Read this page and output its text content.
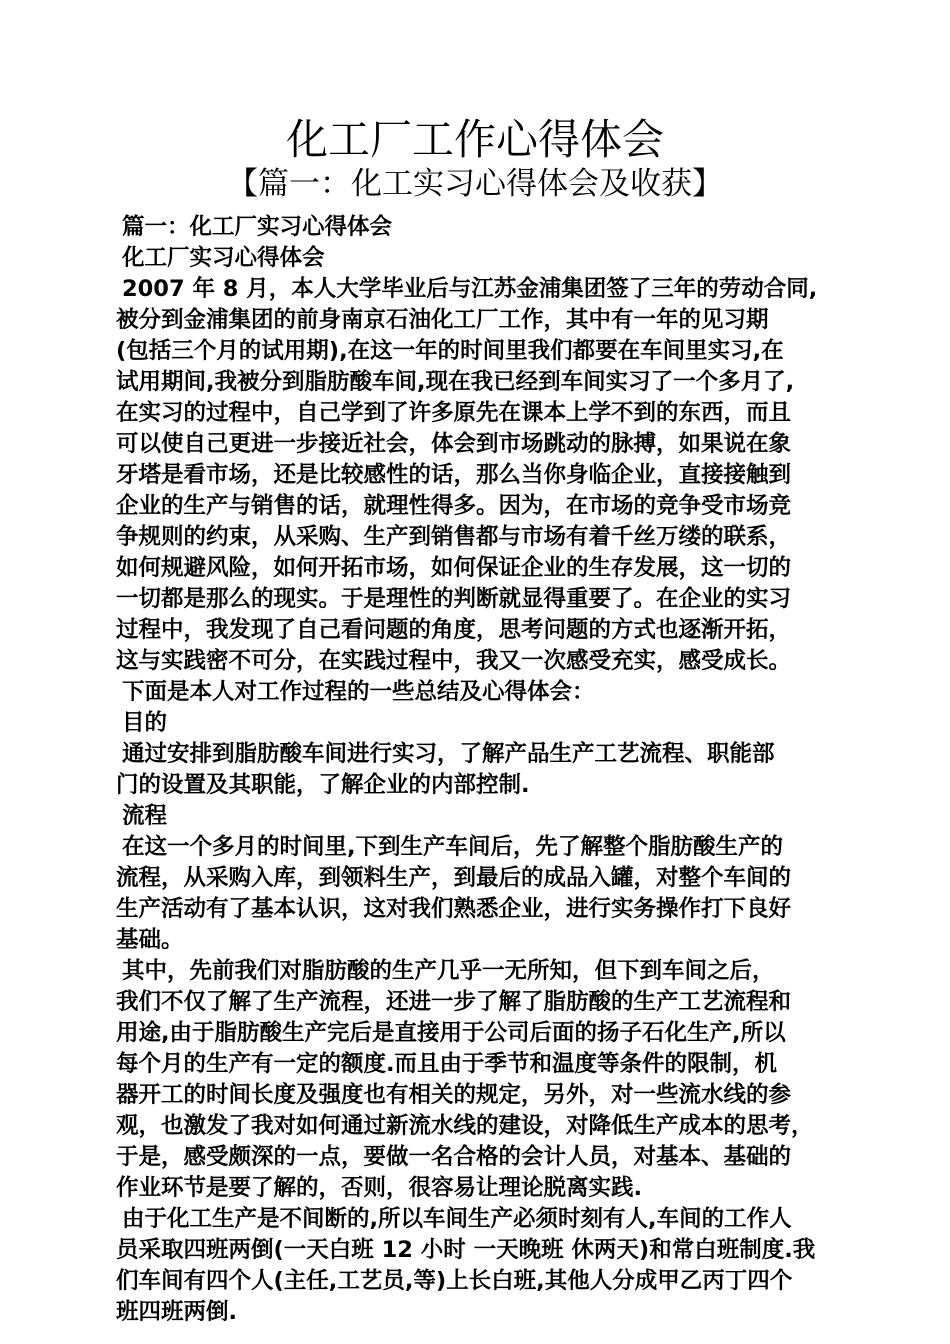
化工厂工作心得体会
【篇一：化工实习心得体会及收获】
篇一：化工厂实习心得体会
化工厂实习心得体会
2007 年 8 月，本人大学毕业后与江苏金浦集团签了三年的劳动合同,
被分到金浦集团的前身南京石油化工厂工作，其中有一年的见习期
(包括三个月的试用期),在这一年的时间里我们都要在车间里实习,在
试用期间,我被分到脂肪酸车间,现在我已经到车间实习了一个多月了,
在实习的过程中，自己学到了许多原先在课本上学不到的东西，而且
可以使自己更进一步接近社会，体会到市场跳动的脉搏，如果说在象
牙塔是看市场，还是比较感性的话，那么当你身临企业，直接接触到
企业的生产与销售的话，就理性得多。因为，在市场的竞争受市场竞
争规则的约束，从采购、生产到销售都与市场有着千丝万缕的联系，
如何规避风险，如何开拓市场，如何保证企业的生存发展，这一切的
一切都是那么的现实。于是理性的判断就显得重要了。在企业的实习
过程中，我发现了自己看问题的角度，思考问题的方式也逐渐开拓，
这与实践密不可分，在实践过程中，我又一次感受充实，感受成长。
下面是本人对工作过程的一些总结及心得体会：
目的
通过安排到脂肪酸车间进行实习，了解产品生产工艺流程、职能部
门的设置及其职能，了解企业的内部控制.
流程
在这一个多月的时间里,下到生产车间后，先了解整个脂肪酸生产的
流程，从采购入库，到领料生产，到最后的成品入罐，对整个车间的
生产活动有了基本认识，这对我们熟悉企业，进行实务操作打下良好
基础。
其中，先前我们对脂肪酸的生产几乎一无所知，但下到车间之后，
我们不仅了解了生产流程，还进一步了解了脂肪酸的生产工艺流程和
用途,由于脂肪酸生产完后是直接用于公司后面的扬子石化生产,所以
每个月的生产有一定的额度.而且由于季节和温度等条件的限制，机
器开工的时间长度及强度也有相关的规定，另外，对一些流水线的参
观，也激发了我对如何通过新流水线的建设，对降低生产成本的思考，
于是，感受颇深的一点，要做一名合格的会计人员，对基本、基础的
作业环节是要了解的，否则，很容易让理论脱离实践.
由于化工生产是不间断的,所以车间生产必须时刻有人,车间的工作人
员采取四班两倒(一天白班 12 小时 一天晚班 休两天)和常白班制度.我
们车间有四个人(主任,工艺员,等)上长白班,其他人分成甲乙丙丁四个
班四班两倒.
